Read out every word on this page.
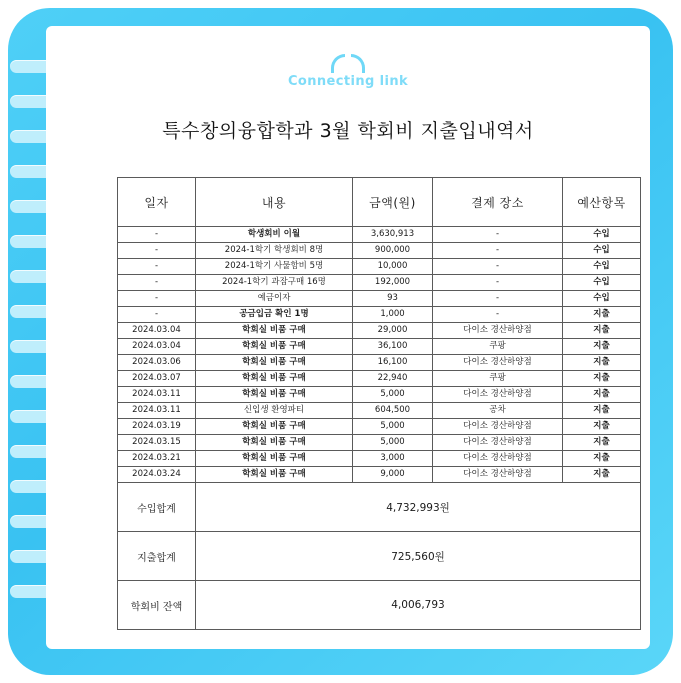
Connecting link
특수창의융합학과 3월 학회비 지출입내역서
일자	내용	금액(원)	결제 장소	예산항목
-	학생회비 이월	3,630,913	-	수입
-	2024-1학기 학생회비 8명	900,000	-	수입
-	2024-1학기 사물함비 5명	10,000	-	수입
-	2024-1학기 과잠구매 16명	192,000	-	수입
-	예금이자	93	-	수입
-	공금입금 확인 1명	1,000	-	지출
2024.03.04	학회실 비품 구매	29,000	다이소 경산하양점	지출
2024.03.04	학회실 비품 구매	36,100	쿠팡	지출
2024.03.06	학회실 비품 구매	16,100	다이소 경산하양점	지출
2024.03.07	학회실 비품 구매	22,940	쿠팡	지출
2024.03.11	학회실 비품 구매	5,000	다이소 경산하양점	지출
2024.03.11	신입생 환영파티	604,500	공차	지출
2024.03.19	학회실 비품 구매	5,000	다이소 경산하양점	지출
2024.03.15	학회실 비품 구매	5,000	다이소 경산하양점	지출
2024.03.21	학회실 비품 구매	3,000	다이소 경산하양점	지출
2024.03.24	학회실 비품 구매	9,000	다이소 경산하양점	지출
수입합계	4,732,993원			
지출합계	725,560원			
학회비 잔액	4,006,793			
